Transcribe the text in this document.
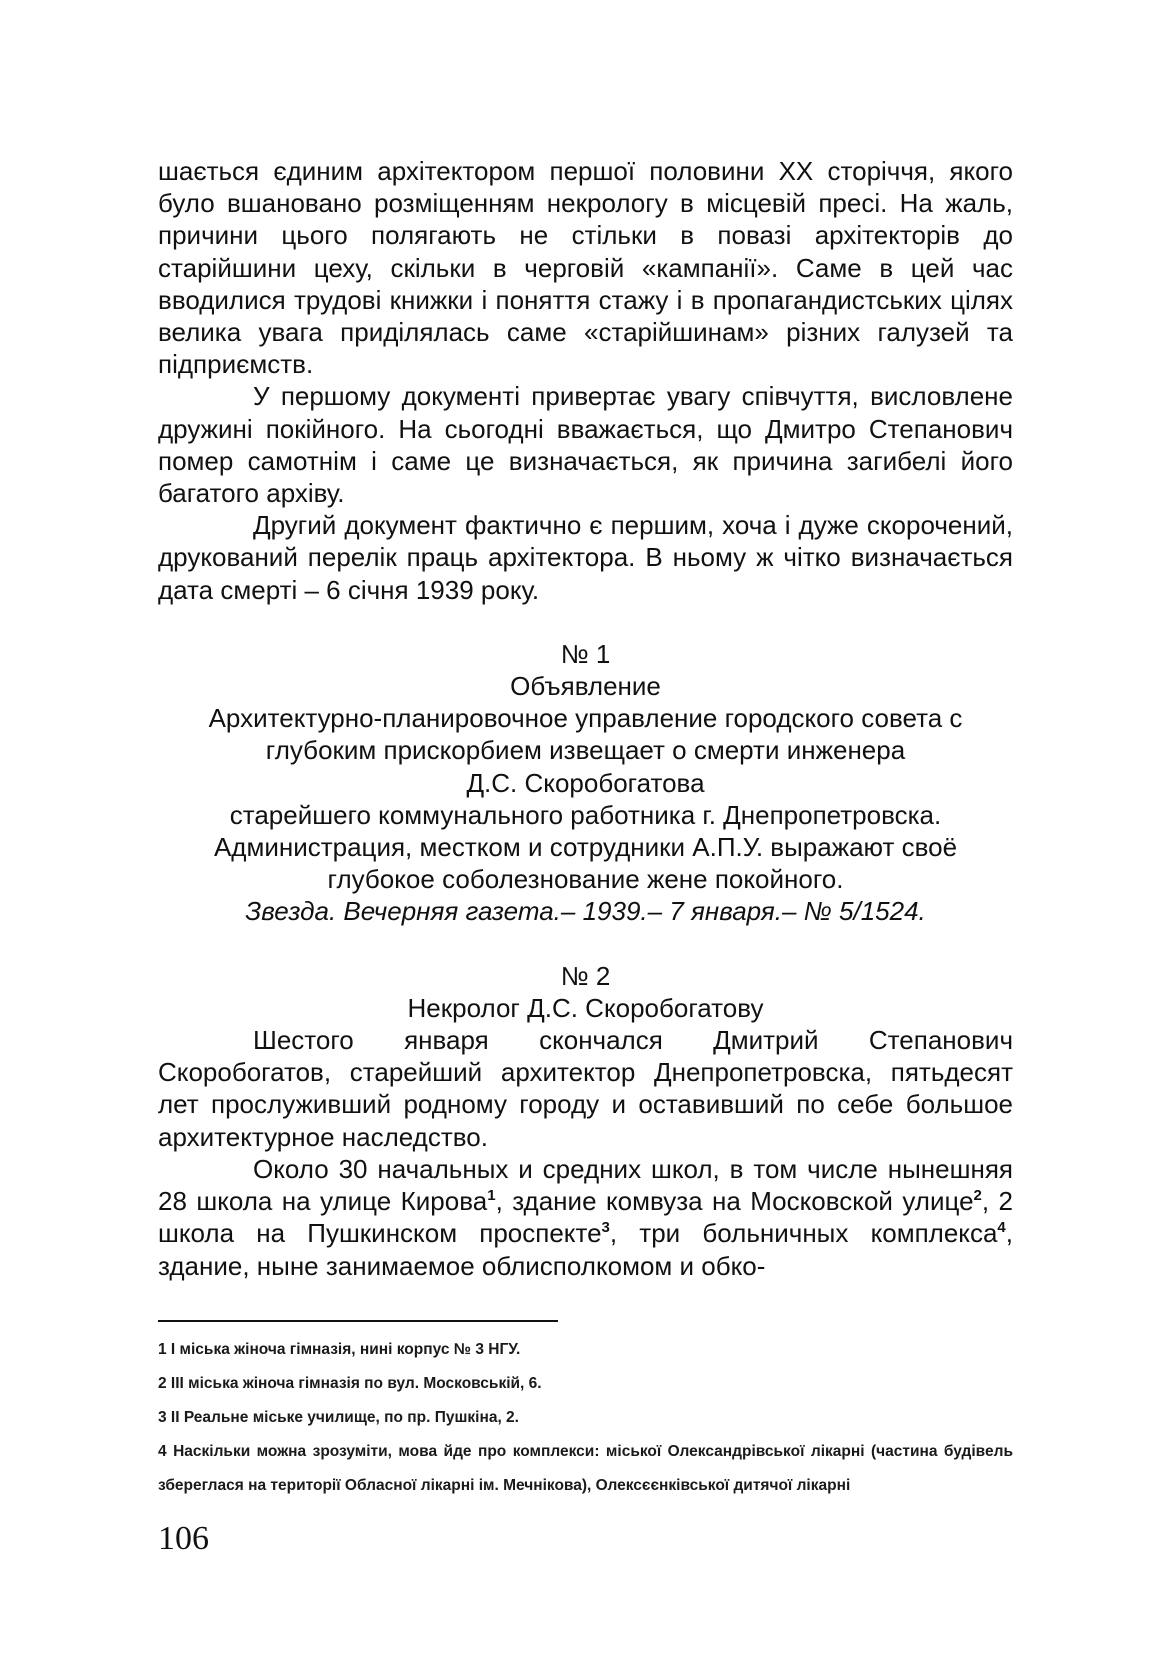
шається єдиним архітектором першої половини XX сторіччя, якого було вшановано розміщенням некрологу в місцевій пресі. На жаль, причини цього полягають не стільки в повазі архітекторів до старійшини цеху, скільки в черговій «кампанії». Саме в цей час вводилися трудові книжки і поняття стажу і в пропагандистських цілях велика увага приділялась саме «старійшинам» різних галузей та підприємств.

У першому документі привертає увагу співчуття, висловлене дружині покійного. На сьогодні вважається, що Дмитро Степанович помер самотнім і саме це визначається, як причина загибелі його багатого архіву.

Другий документ фактично є першим, хоча і дуже скорочений, друкований перелік праць архітектора. В ньому ж чітко визначається дата смерті – 6 січня 1939 року.

№ 1
Объявление
Архитектурно-планировочное управление городского совета с
глубоким прискорбием извещает о смерти инженера
Д.С. Скоробогатова
старейшего коммунального работника г. Днепропетровска.
Администрация, местком и сотрудники А.П.У. выражают своё
глубокое соболезнование жене покойного.
Звезда. Вечерняя газета.– 1939.– 7 января.– № 5/1524.
№ 2
Некролог Д.С. Скоробогатову

Шестого января скончался Дмитрий Степанович Скоробогатов, старейший архитектор Днепропетровска, пятьдесят лет прослуживший родному городу и оставивший по себе большое архитектурное наследство.

Около 30 начальных и средних школ, в том числе нынешняя 28 школа на улице Кирова$^1$, здание комвуза на Московской улице$^2$, 2 школа на Пушкинском проспекте$^3$, три больничных комплекса$^4$, здание, ныне занимаемое облисполкомом и обко-

1 І міська жіноча гімназія, нині корпус № 3 НГУ.

2 ІІІ міська жіноча гімназія по вул. Московській, 6.

3 ІІ Реальне міське училище, по пр. Пушкіна, 2.

4 Наскільки можна зрозуміти, мова йде про комплекси: міської Олександрівської лікарні (частина будівель збереглася на території Обласної лікарні ім. Мечнікова), Олексєєнківської дитячої лікарні

106
